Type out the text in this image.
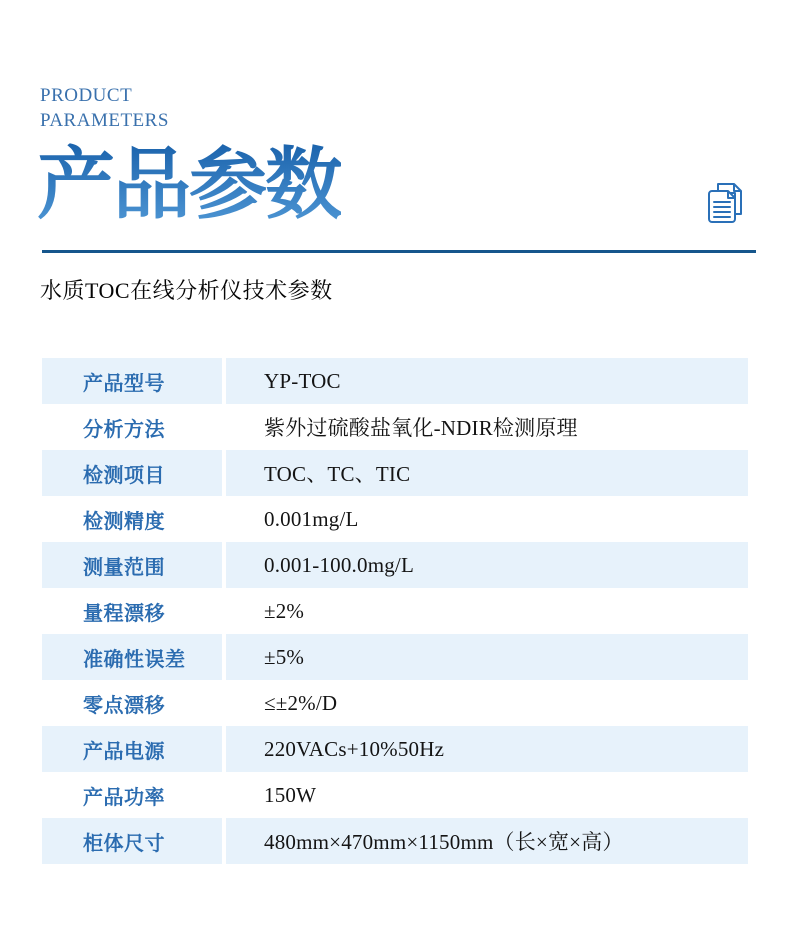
PRODUCT
PARAMETERS
产品参数
水质TOC在线分析仪技术参数
产品型号	YP-TOC
分析方法	紫外过硫酸盐氧化-NDIR检测原理
检测项目	TOC、TC、TIC
检测精度	0.001mg/L
测量范围	0.001-100.0mg/L
量程漂移	±2%
准确性误差	±5%
零点漂移	≤±2%/D
产品电源	220VACs+10%50Hz
产品功率	150W
柜体尺寸	480mm×470mm×1150mm（长×宽×高）
